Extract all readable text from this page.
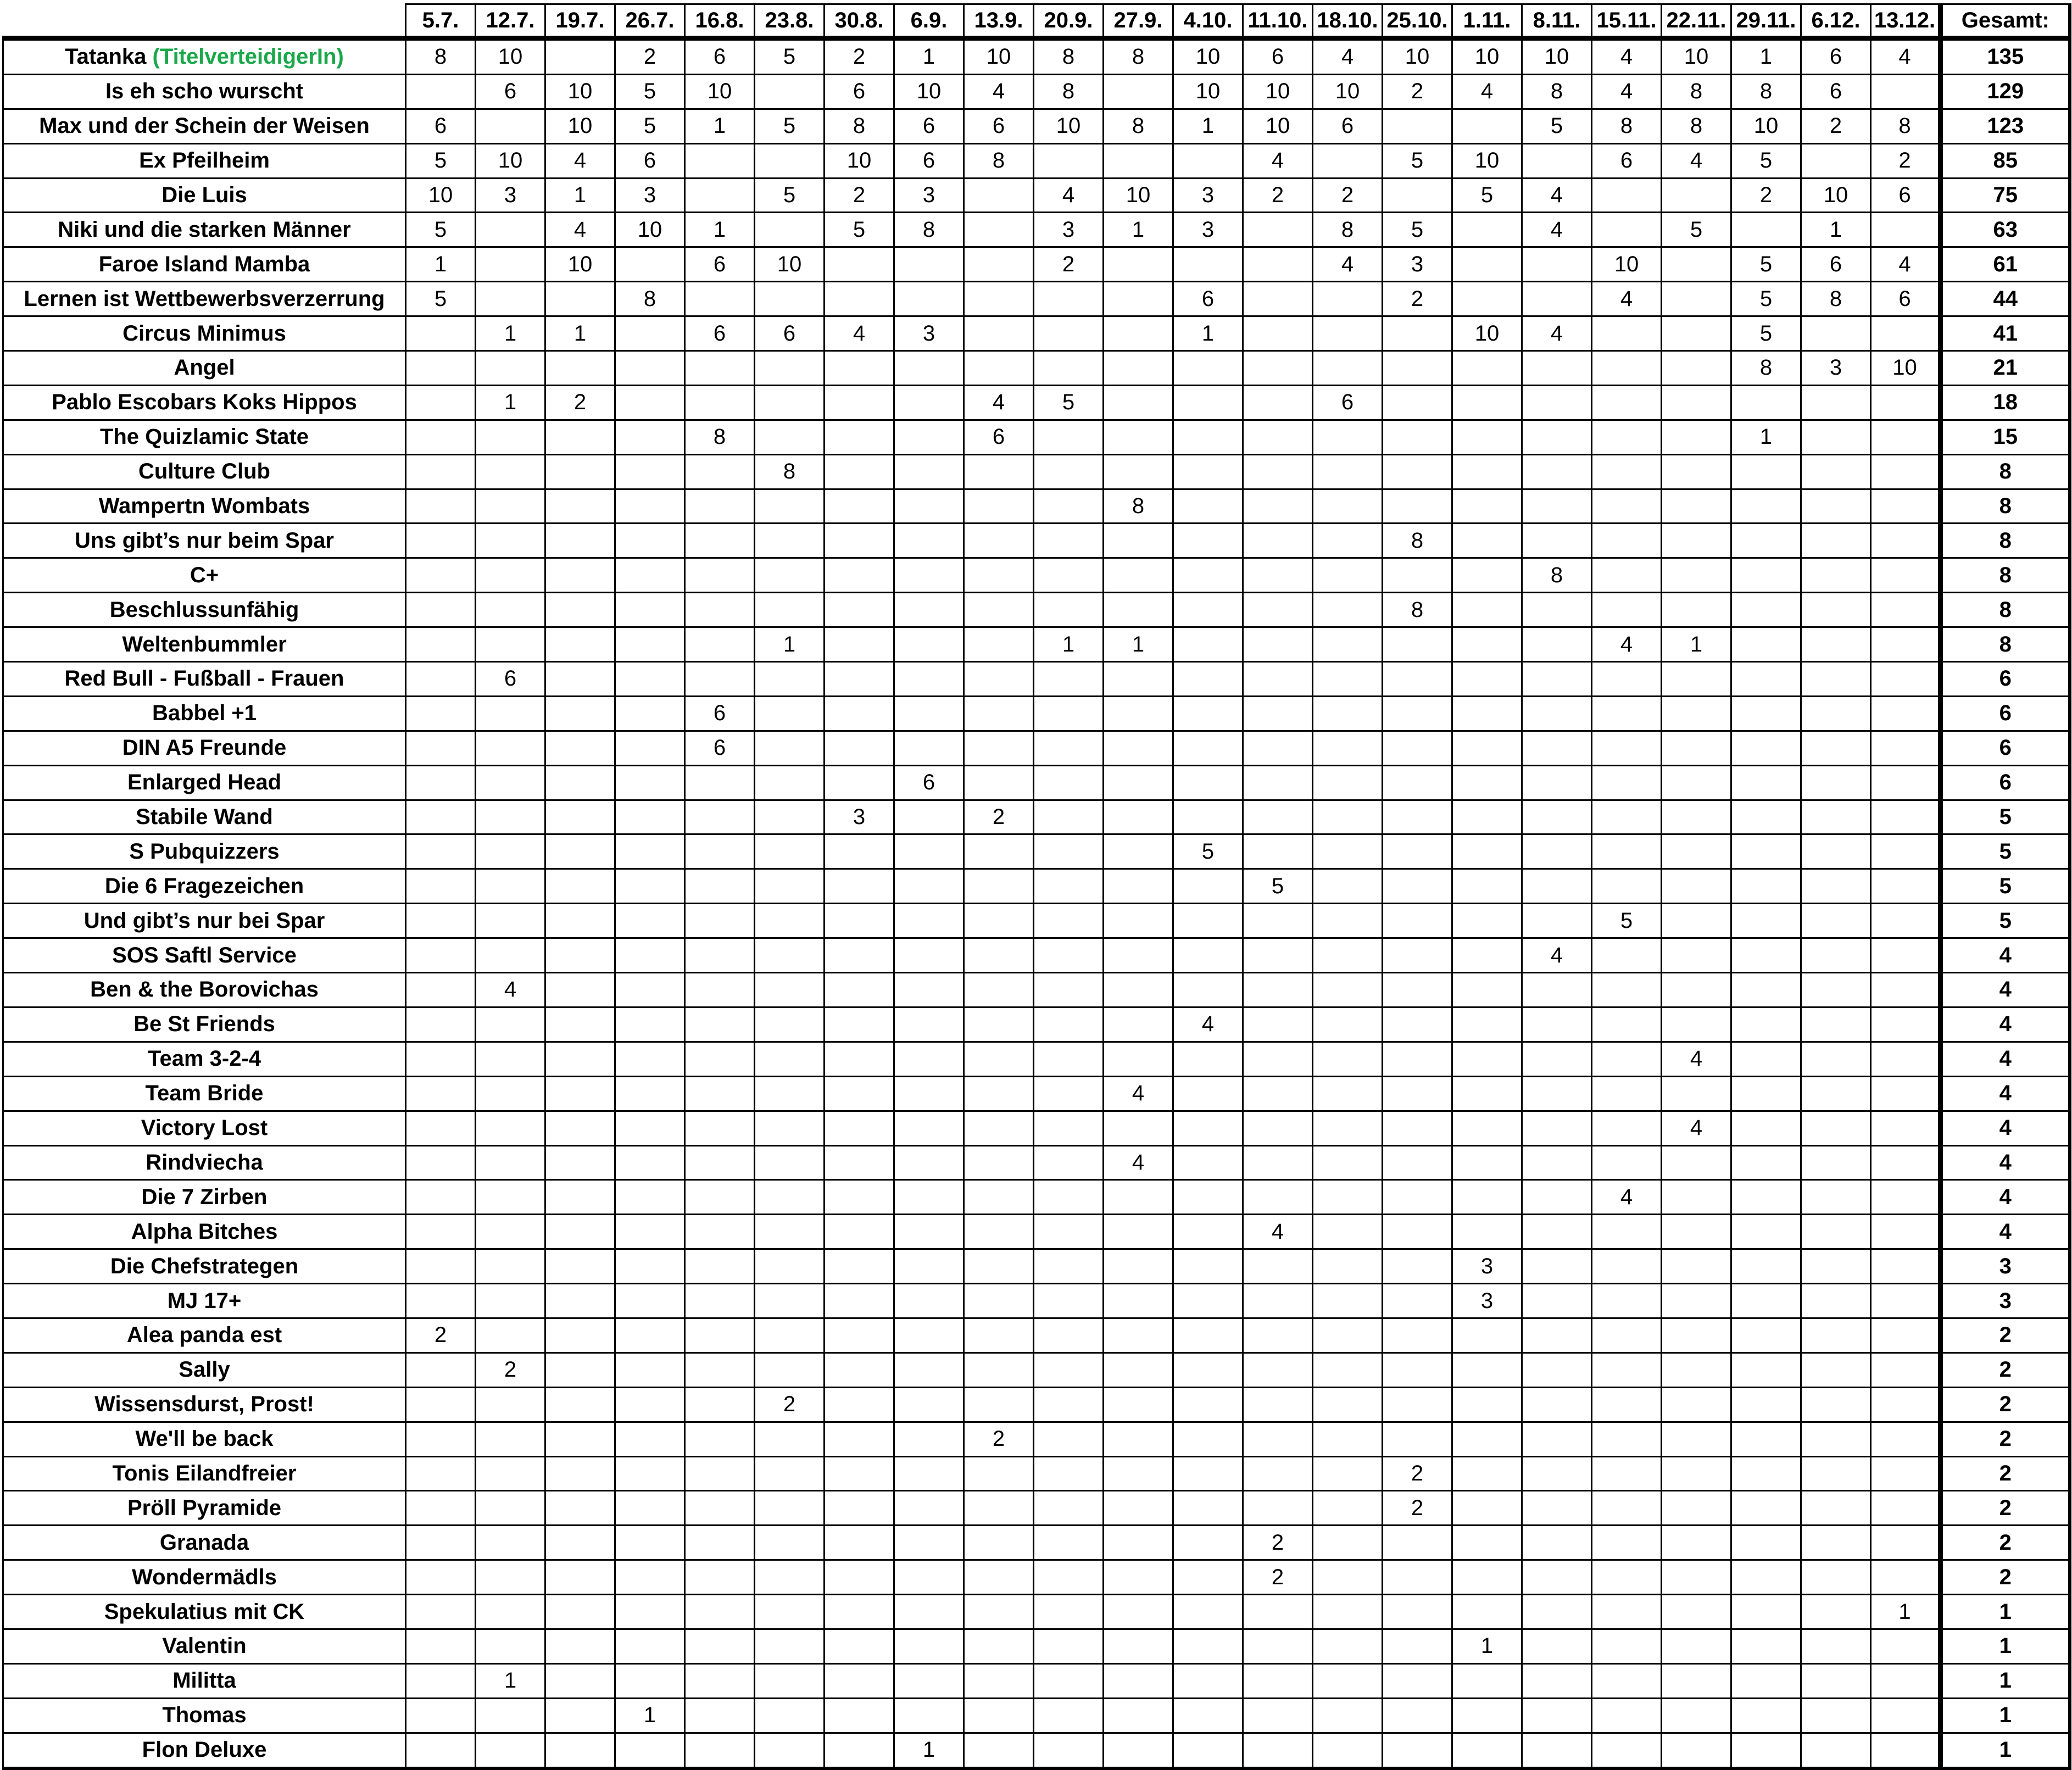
	5.7.	12.7.	19.7.	26.7.	16.8.	23.8.	30.8.	6.9.	13.9.	20.9.	27.9.	4.10.	11.10.	18.10.	25.10.	1.11.	8.11.	15.11.	22.11.	29.11.	6.12.	13.12.	Gesamt:
Tatanka (TitelverteidigerIn)	8	10		2	6	5	2	1	10	8	8	10	6	4	10	10	10	4	10	1	6	4	135
Is eh scho wurscht		6	10	5	10		6	10	4	8		10	10	10	2	4	8	4	8	8	6		129
Max und der Schein der Weisen	6		10	5	1	5	8	6	6	10	8	1	10	6			5	8	8	10	2	8	123
Ex Pfeilheim	5	10	4	6			10	6	8				4		5	10		6	4	5		2	85
Die Luis	10	3	1	3		5	2	3		4	10	3	2	2		5	4			2	10	6	75
Niki und die starken Männer	5		4	10	1		5	8		3	1	3		8	5		4		5		1		63
Faroe Island Mamba	1		10		6	10				2				4	3			10		5	6	4	61
Lernen ist Wettbewerbsverzerrung	5			8								6			2			4		5	8	6	44
Circus Minimus		1	1		6	6	4	3				1				10	4			5			41
Angel																				8	3	10	21
Pablo Escobars Koks Hippos		1	2						4	5				6									18
The Quizlamic State					8				6											1			15
Culture Club						8																	8
Wampertn Wombats											8												8
Uns gibt’s nur beim Spar															8								8
C+																	8						8
Beschlussunfähig															8								8
Weltenbummler						1				1	1							4	1				8
Red Bull - Fußball - Frauen		6																					6
Babbel +1					6																		6
DIN A5 Freunde					6																		6
Enlarged Head								6															6
Stabile Wand							3		2														5
S Pubquizzers												5											5
Die 6 Fragezeichen													5										5
Und gibt’s nur bei Spar																		5					5
SOS Saftl Service																	4						4
Ben & the Borovichas		4																					4
Be St Friends												4											4
Team 3-2-4																			4				4
Team Bride											4												4
Victory Lost																			4				4
Rindviecha											4												4
Die 7 Zirben																		4					4
Alpha Bitches													4										4
Die Chefstrategen																3							3
MJ 17+																3							3
Alea panda est	2																						2
Sally		2																					2
Wissensdurst, Prost!						2																	2
We'll be back									2														2
Tonis Eilandfreier															2								2
Pröll Pyramide															2								2
Granada													2										2
Wondermädls													2										2
Spekulatius mit CK																						1	1
Valentin																1							1
Militta		1																					1
Thomas				1																			1
Flon Deluxe								1															1
